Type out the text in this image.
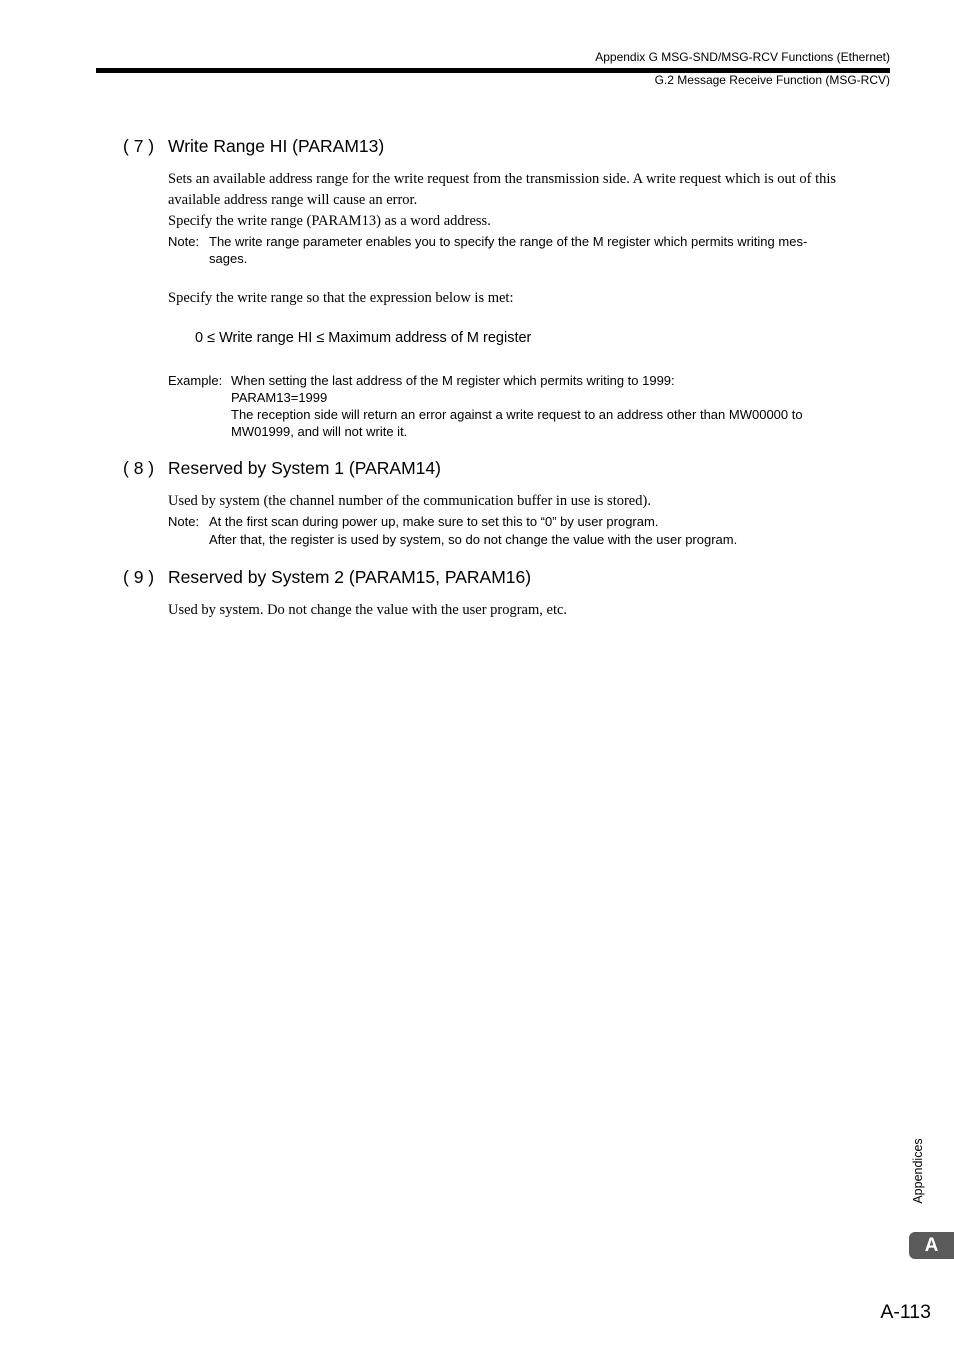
Appendix G MSG-SND/MSG-RCV Functions (Ethernet)
G.2 Message Receive Function (MSG-RCV)
( 7 ) Write Range HI (PARAM13)
Sets an available address range for the write request from the transmission side. A write request which is out of this
available address range will cause an error.
Specify the write range (PARAM13) as a word address.
Note: The write range parameter enables you to specify the range of the M register which permits writing mes-
sages.
Specify the write range so that the expression below is met:
0 ≤ Write range HI ≤ Maximum address of M register
Example: When setting the last address of the M register which permits writing to 1999:
PARAM13=1999
The reception side will return an error against a write request to an address other than MW00000 to
MW01999, and will not write it.
( 8 ) Reserved by System 1 (PARAM14)
Used by system (the channel number of the communication buffer in use is stored).
Note: At the first scan during power up, make sure to set this to “0” by user program.
After that, the register is used by system, so do not change the value with the user program.
( 9 ) Reserved by System 2 (PARAM15, PARAM16)
Used by system. Do not change the value with the user program, etc.
Appendices
A
A-113
